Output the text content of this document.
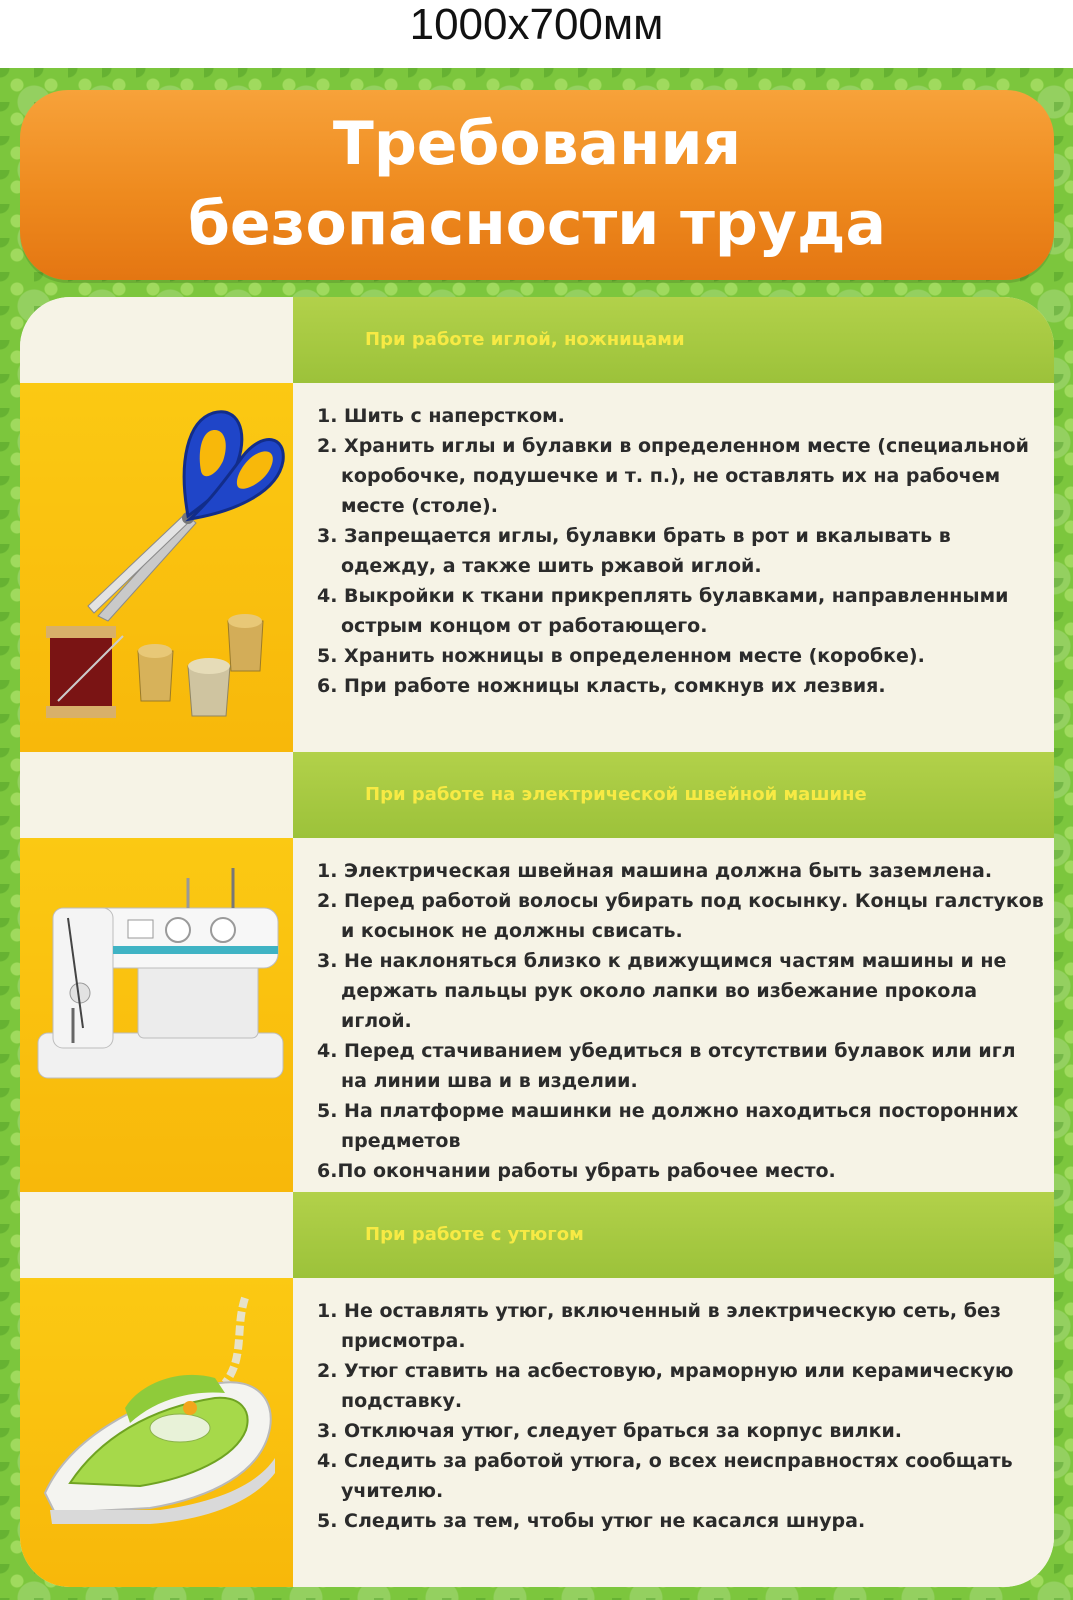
1000x700мм
Требования
безопасности труда
При работе иглой, ножницами
1. Шить с наперстком.
2. Хранить иглы и булавки в определенном месте (специальной коробочке, подушечке и т. п.), не оставлять их на рабочем месте (столе).
3. Запрещается иглы, булавки брать в рот и вкалывать в одежду, а также шить ржавой иглой.
4. Выкройки к ткани прикреплять булавками, направленными острым концом от работающего.
5. Хранить ножницы в определенном месте (коробке).
6. При работе ножницы класть, сомкнув их лезвия.
При работе на электрической швейной машине
1. Электрическая швейная машина должна быть заземлена.
2. Перед работой волосы убирать под косынку. Концы галстуков и косынок не должны свисать.
3. Не наклоняться близко к движущимся частям машины и не держать пальцы рук около лапки во избежание прокола иглой.
4. Перед стачиванием убедиться в отсутствии булавок или игл на линии шва и в изделии.
5. На платформе машинки не должно находиться посторонних предметов
6.По окончании работы убрать рабочее место.
При работе с утюгом
1. Не оставлять утюг, включенный в электрическую сеть, без присмотра.
2. Утюг ставить на асбестовую, мраморную или керамическую подставку.
3. Отключая утюг, следует браться за корпус вилки.
4. Следить за работой утюга, о всех неисправностях сообщать учителю.
5. Следить за тем, чтобы утюг не касался шнура.
